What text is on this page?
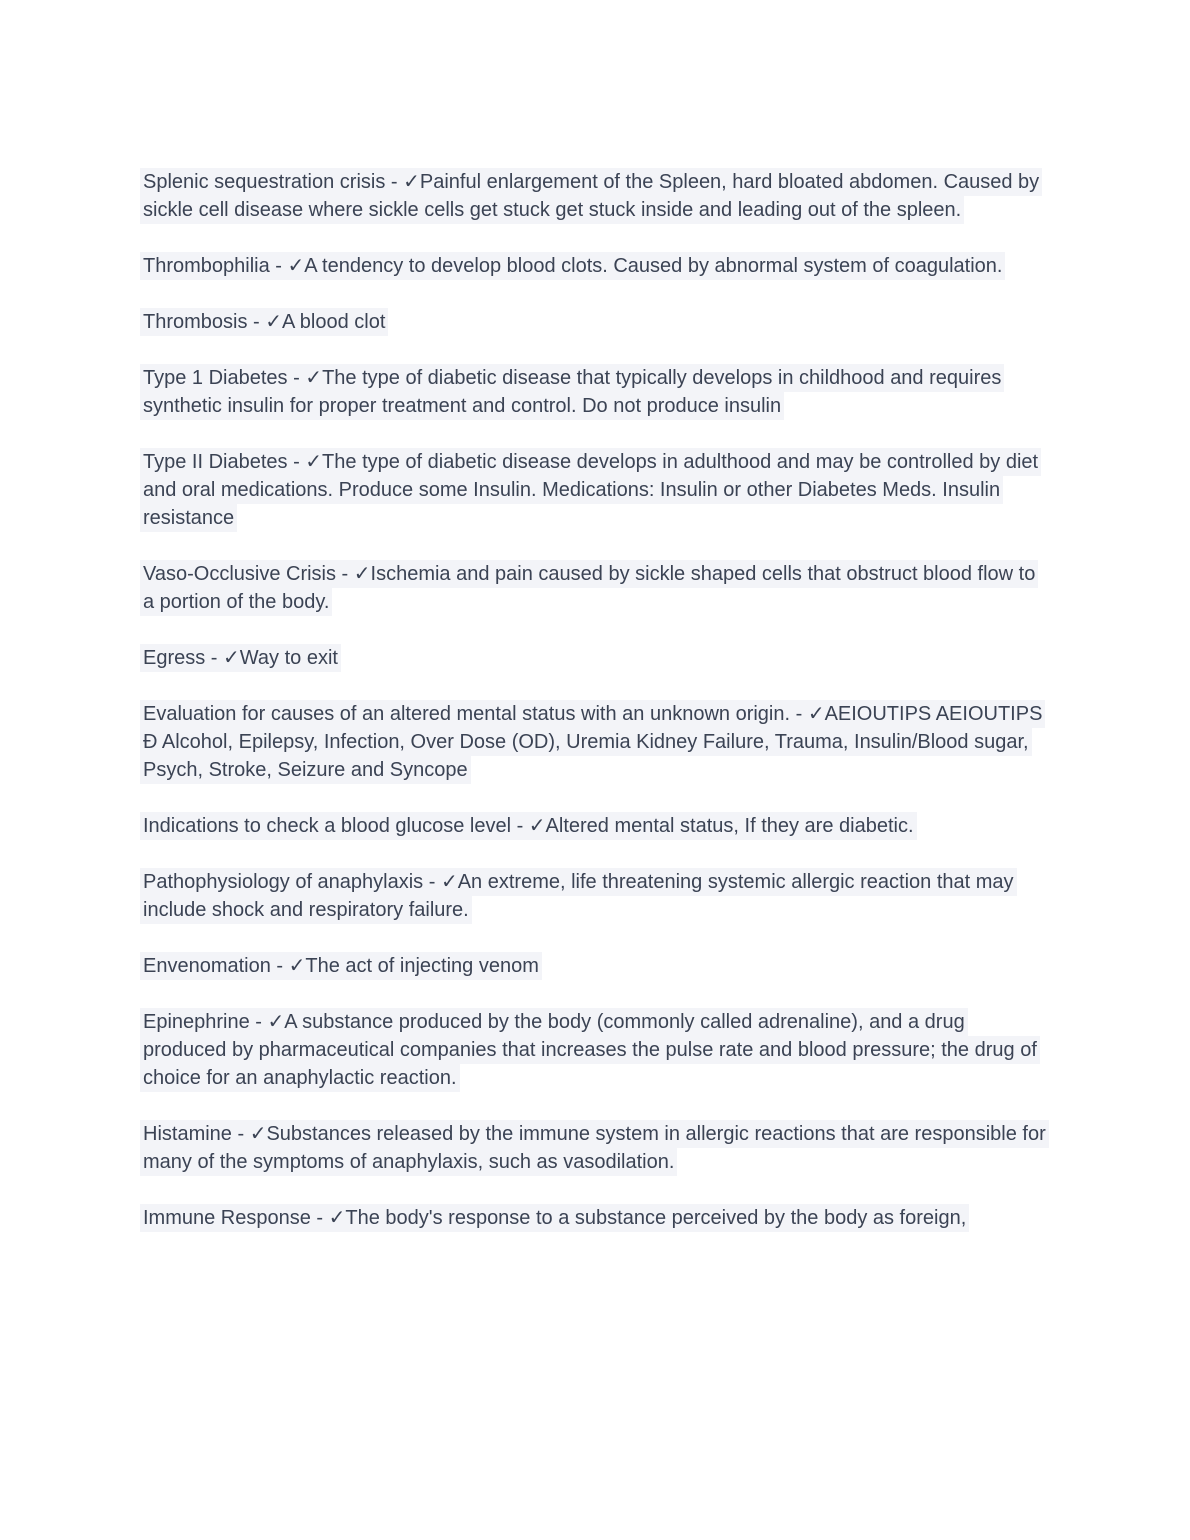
Splenic sequestration crisis - ✓Painful enlargement of the Spleen, hard bloated abdomen. Caused by sickle cell disease where sickle cells get stuck get stuck inside and leading out of the spleen.

Thrombophilia - ✓A tendency to develop blood clots. Caused by abnormal system of coagulation.

Thrombosis - ✓A blood clot

Type 1 Diabetes - ✓The type of diabetic disease that typically develops in childhood and requires synthetic insulin for proper treatment and control. Do not produce insulin

Type II Diabetes - ✓The type of diabetic disease develops in adulthood and may be controlled by diet and oral medications. Produce some Insulin. Medications: Insulin or other Diabetes Meds. Insulin resistance

Vaso-Occlusive Crisis - ✓Ischemia and pain caused by sickle shaped cells that obstruct blood flow to a portion of the body.

Egress - ✓Way to exit

Evaluation for causes of an altered mental status with an unknown origin. - ✓AEIOUTIPS AEIOUTIPS Ð Alcohol, Epilepsy, Infection, Over Dose (OD), Uremia Kidney Failure, Trauma, Insulin/Blood sugar, Psych, Stroke, Seizure and Syncope

Indications to check a blood glucose level - ✓Altered mental status, If they are diabetic.

Pathophysiology of anaphylaxis - ✓An extreme, life threatening systemic allergic reaction that may include shock and respiratory failure.

Envenomation - ✓The act of injecting venom

Epinephrine - ✓A substance produced by the body (commonly called adrenaline), and a drug produced by pharmaceutical companies that increases the pulse rate and blood pressure; the drug of choice for an anaphylactic reaction.

Histamine - ✓Substances released by the immune system in allergic reactions that are responsible for many of the symptoms of anaphylaxis, such as vasodilation.

Immune Response - ✓The body's response to a substance perceived by the body as foreign,
